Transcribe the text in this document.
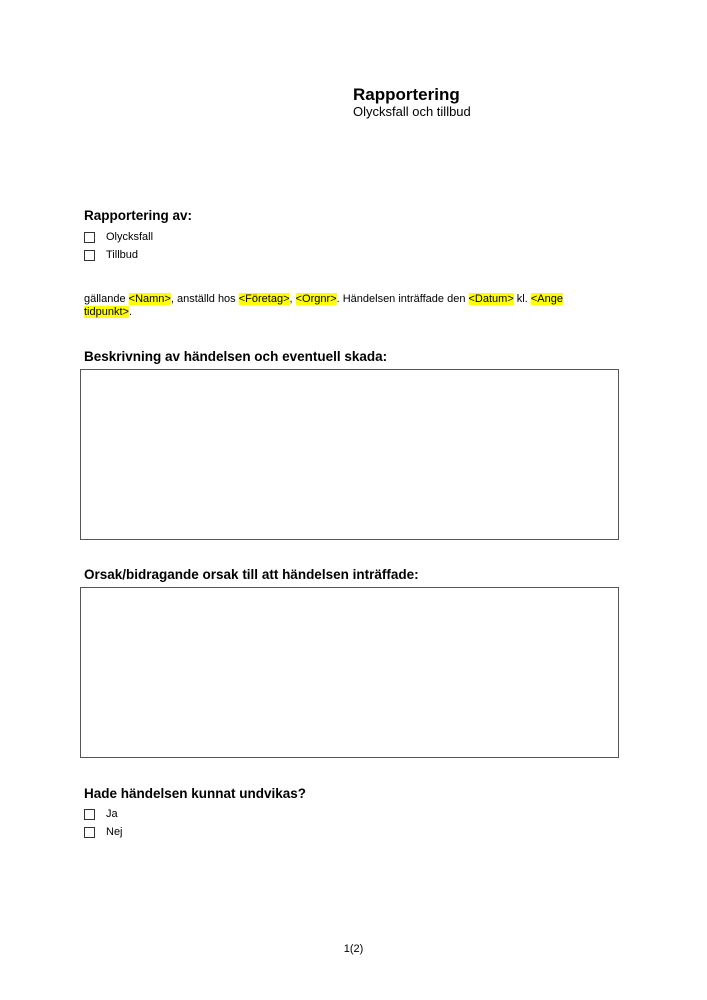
Rapportering
Olycksfall och tillbud
Rapportering av:
Olycksfall
Tillbud
gällande <Namn>, anställd hos <Företag>, <Orgnr>. Händelsen inträffade den <Datum> kl. <Ange tidpunkt>.
Beskrivning av händelsen och eventuell skada:
Orsak/bidragande orsak till att händelsen inträffade:
Hade händelsen kunnat undvikas?
Ja
Nej
1(2)
